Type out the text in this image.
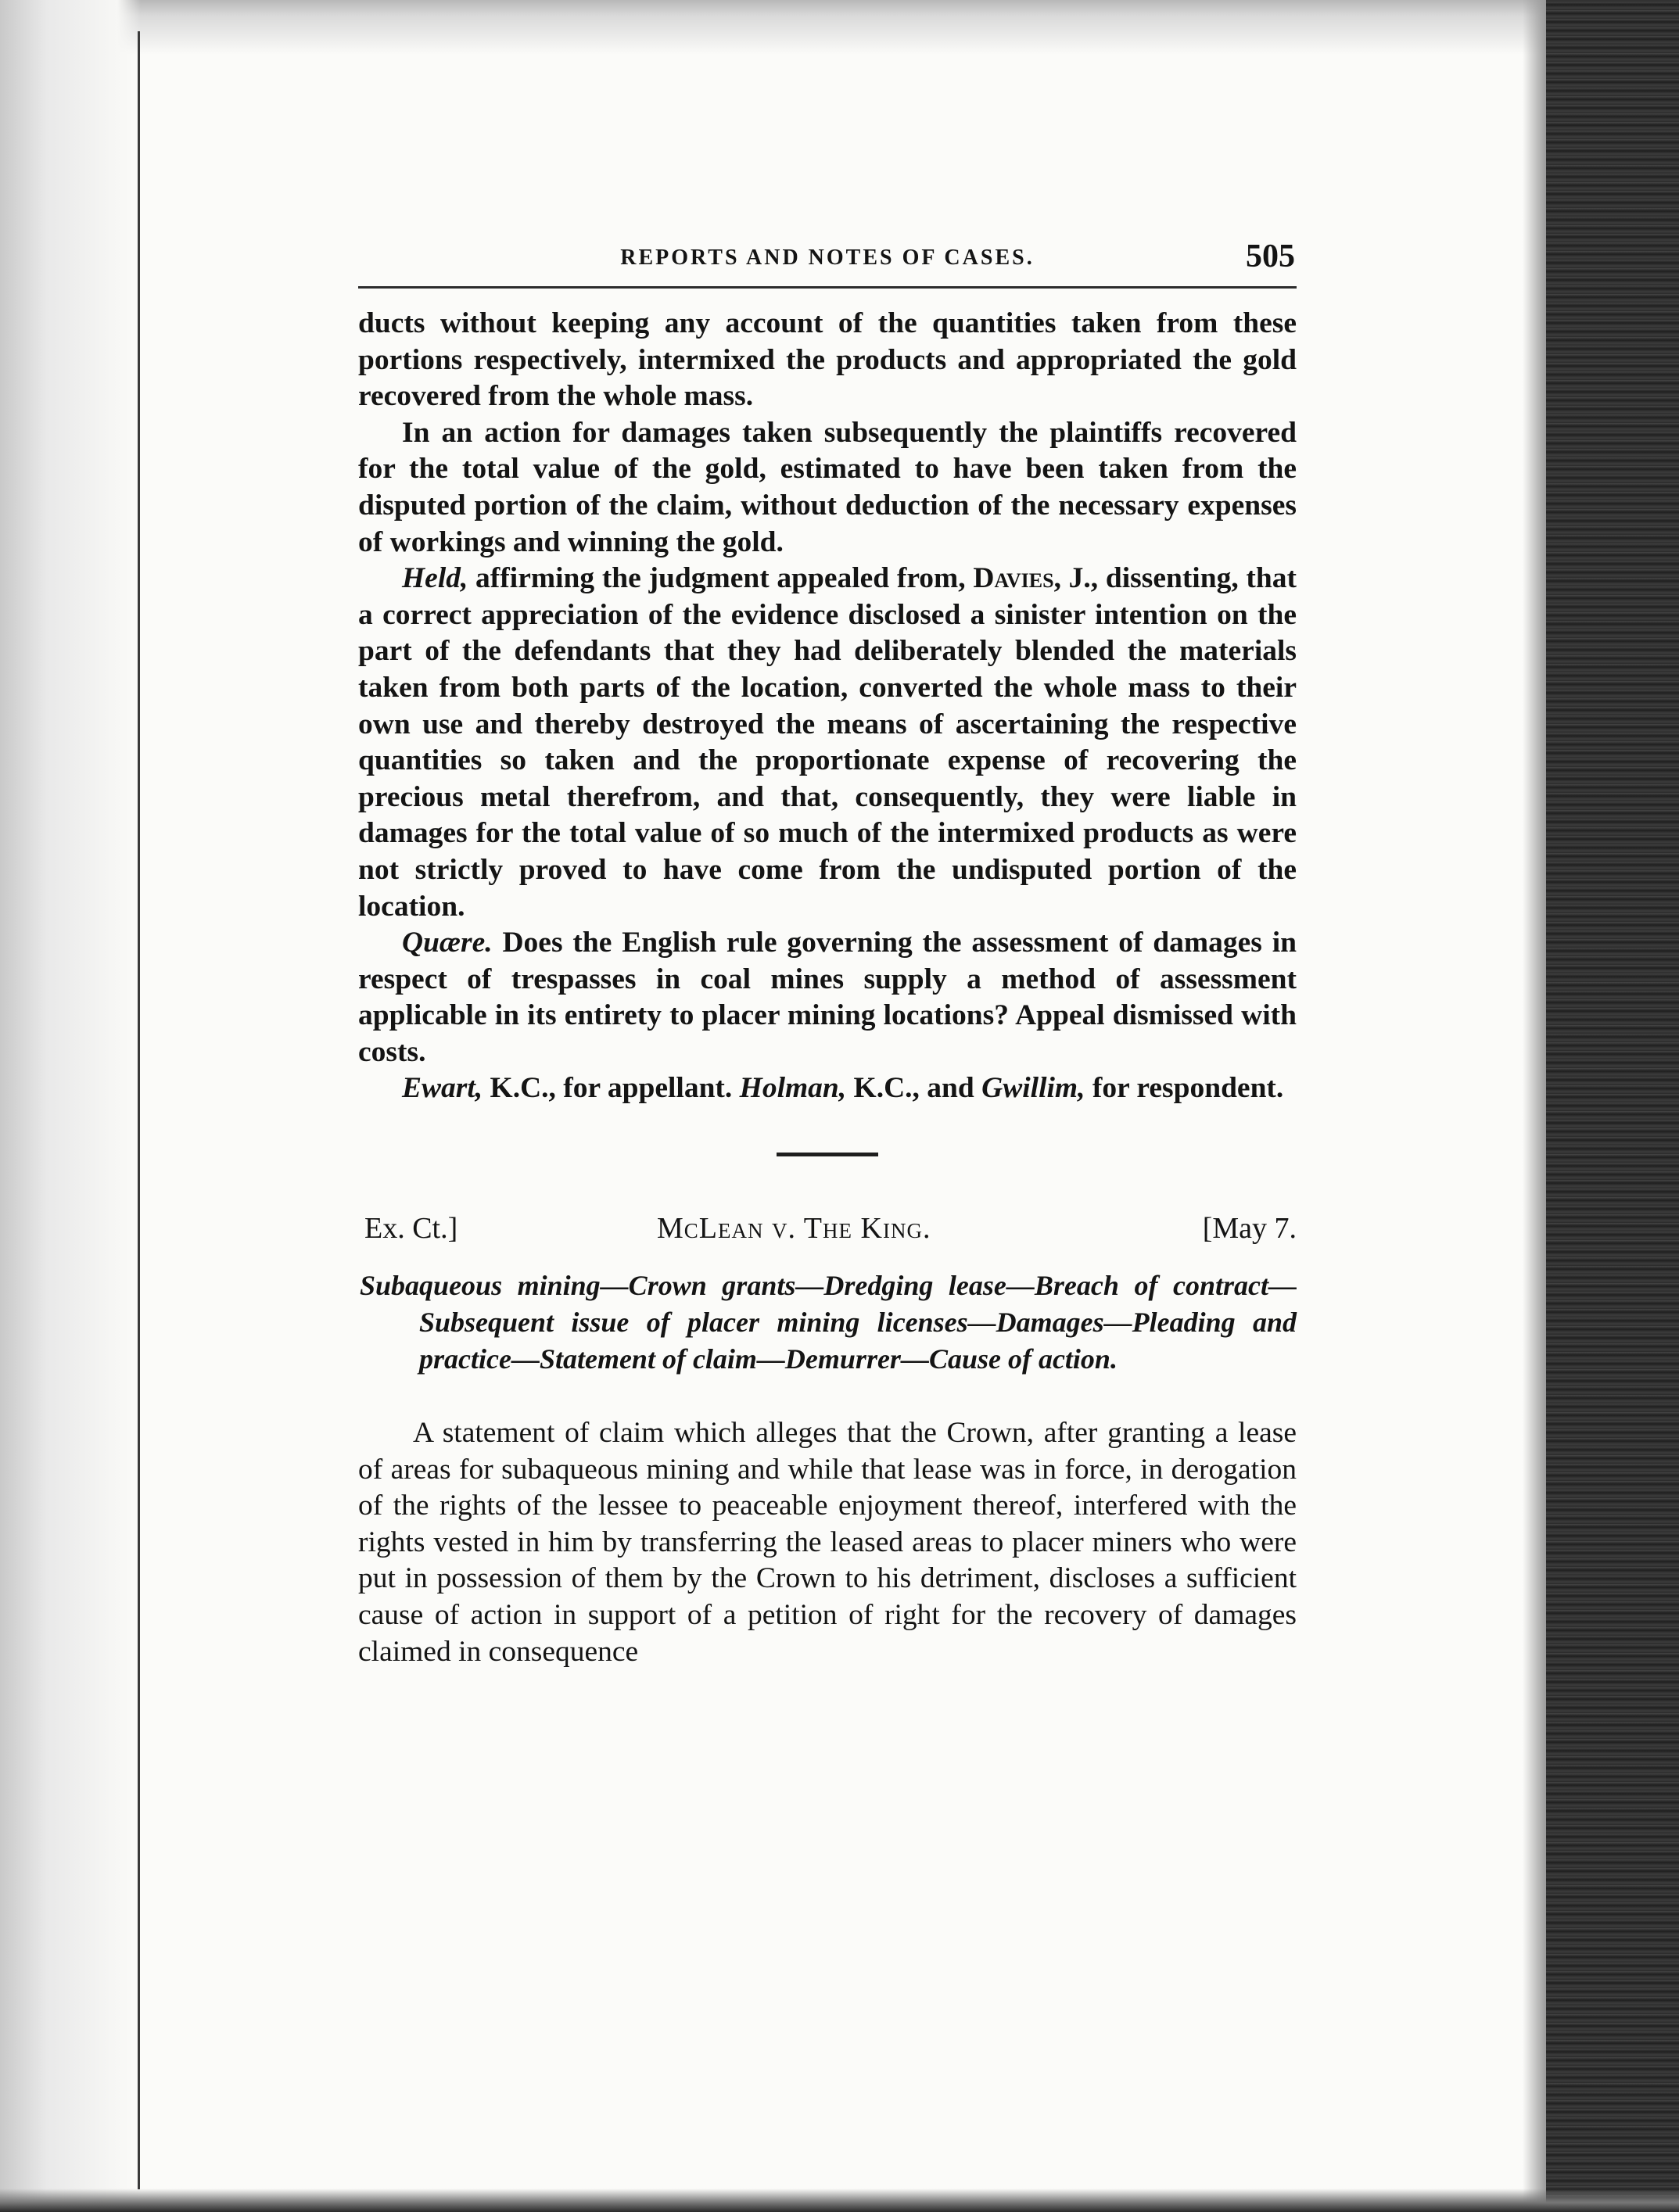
REPORTS AND NOTES OF CASES.	505

ducts without keeping any account of the quantities taken from these portions respectively, intermixed the products and appropriated the gold recovered from the whole mass.

In an action for damages taken subsequently the plaintiffs recovered for the total value of the gold, estimated to have been taken from the disputed portion of the claim, without deduction of the necessary expenses of workings and winning the gold.

Held, affirming the judgment appealed from, Davies, J., dissenting, that a correct appreciation of the evidence disclosed a sinister intention on the part of the defendants that they had deliberately blended the materials taken from both parts of the location, converted the whole mass to their own use and thereby destroyed the means of ascertaining the respective quantities so taken and the proportionate expense of recovering the precious metal therefrom, and that, consequently, they were liable in damages for the total value of so much of the intermixed products as were not strictly proved to have come from the undisputed portion of the location.

Quære. Does the English rule governing the assessment of damages in respect of trespasses in coal mines supply a method of assessment applicable in its entirety to placer mining locations? Appeal dismissed with costs.

Ewart, K.C., for appellant. Holman, K.C., and Gwillim, for respondent.

Ex. Ct.]	McLean v. The King.	[May 7.

Subaqueous mining—Crown grants—Dredging lease—Breach of contract—Subsequent issue of placer mining licenses—Damages—Pleading and practice—Statement of claim—Demurrer—Cause of action.

A statement of claim which alleges that the Crown, after granting a lease of areas for subaqueous mining and while that lease was in force, in derogation of the rights of the lessee to peaceable enjoyment thereof, interfered with the rights vested in him by transferring the leased areas to placer miners who were put in possession of them by the Crown to his detriment, discloses a sufficient cause of action in support of a petition of right for the recovery of damages claimed in consequence
